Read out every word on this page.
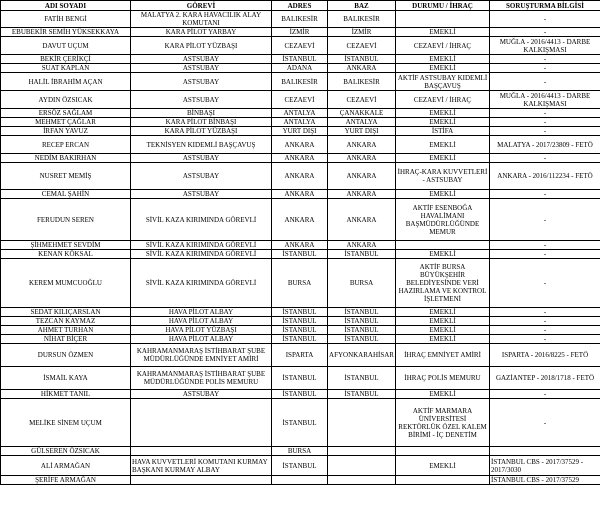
ADI SOYADI	GÖREVİ	ADRES	BAZ	DURUMU / İHRAÇ	SORUŞTURMA BİLGİSİ
FATİH BENGİ	MALATYA 2. KARA HAVACILIK ALAY KOMUTANI	BALIKESİR	BALIKESİR		-
EBUBEKİR SEMİH YÜKSEKKAYA	KARA PİLOT YARBAY	İZMİR	İZMİR	EMEKLİ	-
DAVUT UÇUM	KARA PİLOT YÜZBAŞI	CEZAEVİ	CEZAEVİ	CEZAEVİ / İHRAÇ	MUĞLA - 2016/4413 - DARBE KALKIŞMASI
BEKİR ÇERİKÇİ	ASTSUBAY	İSTANBUL	İSTANBUL	EMEKLİ	-
SUAT KAPLAN	ASTSUBAY	ADANA	ANKARA	EMEKLİ	-
HALİL İBRAHİM AÇAN	ASTSUBAY	BALIKESİR	BALIKESİR	AKTİF ASTSUBAY KIDEMLİ BAŞÇAVUŞ	-
AYDIN ÖZSICAK	ASTSUBAY	CEZAEVİ	CEZAEVİ	CEZAEVİ / İHRAÇ	MUĞLA - 2016/4413 - DARBE KALKIŞMASI
ERSÖZ SAĞLAM	BİNBAŞI	ANTALYA	ÇANAKKALE	EMEKLİ	-
MEHMET ÇAĞLAR	KARA PİLOT BİNBAŞI	ANTALYA	ANTALYA	EMEKLİ	-
İRFAN YAVUZ	KARA PİLOT YÜZBAŞI	YURT DIŞI	YURT DIŞI	İSTİFA	-
RECEP ERCAN	TEKNİSYEN KIDEMLİ BAŞÇAVUŞ	ANKARA	ANKARA	EMEKLİ	MALATYA - 2017/23809 - FETÖ
NEDİM BAKIRHAN	ASTSUBAY	ANKARA	ANKARA	EMEKLİ	-
NUSRET MEMİŞ	ASTSUBAY	ANKARA	ANKARA	İHRAÇ-KARA KUVVETLERİ - ASTSUBAY	ANKARA - 2016/112234 - FETÖ
CEMAL ŞAHİN	ASTSUBAY	ANKARA	ANKARA	EMEKLİ	-
FERUDUN SEREN	SİVİL KAZA KIRIMINDA GÖREVLİ	ANKARA	ANKARA	AKTİF ESENBOĞA HAVALİMANI BAŞMÜDÜRLÜĞÜNDE MEMUR	-
ŞİHMEHMET SEVDİM	SİVİL KAZA KIRIMINDA GÖREVLİ	ANKARA	ANKARA		-
KENAN KÖKSAL	SİVİL KAZA KIRIMINDA GÖREVLİ	İSTANBUL	İSTANBUL	EMEKLİ	-
KEREM MUMCUOĞLU	SİVİL KAZA KIRIMINDA GÖREVLİ	BURSA	BURSA	AKTİF BURSA BÜYÜKŞEHİR BELEDİYESİNDE VERİ HAZIRLAMA VE KONTROL İŞLETMENİ	-
SEDAT KILIÇARSLAN	HAVA PİLOT ALBAY	İSTANBUL	İSTANBUL	EMEKLİ	-
TEZCAN KAYMAZ	HAVA PİLOT ALBAY	İSTANBUL	İSTANBUL	EMEKLİ	-
AHMET TURHAN	HAVA PİLOT YÜZBAŞI	İSTANBUL	İSTANBUL	EMEKLİ	-
NİHAT BİÇER	HAVA PİLOT ALBAY	İSTANBUL	İSTANBUL	EMEKLİ	-
DURSUN ÖZMEN	KAHRAMANMARAŞ İSTİHBARAT ŞUBE MÜDÜRLÜĞÜNDE EMNİYET AMİRİ	ISPARTA	AFYONKARAHİSAR	İHRAÇ EMNİYET AMİRİ	ISPARTA - 2016/8225 - FETÖ
İSMAİL KAYA	KAHRAMANMARAŞ İSTİHBARAT ŞUBE MÜDÜRLÜĞÜNDE POLİS MEMURU	İSTANBUL	İSTANBUL	İHRAÇ POLİS MEMURU	GAZİANTEP - 2018/1718 - FETÖ
HİKMET TANIL	ASTSUBAY	İSTANBUL	İSTANBUL	EMEKLİ	-
MELİKE SİNEM UÇUM		İSTANBUL		AKTİF MARMARA ÜNİVERSİTESİ REKTÖRLÜK ÖZEL KALEM BİRİMİ - İÇ DENETİM	-
GÜLSEREN ÖZSICAK		BURSA			
ALİ ARMAĞAN	HAVA KUVVETLERİ KOMUTANI KURMAY BAŞKANI KURMAY ALBAY	İSTANBUL		EMEKLİ	İSTANBUL CBS - 2017/37529 - 2017/3030
ŞERİFE ARMAĞAN					İSTANBUL CBS - 2017/37529
